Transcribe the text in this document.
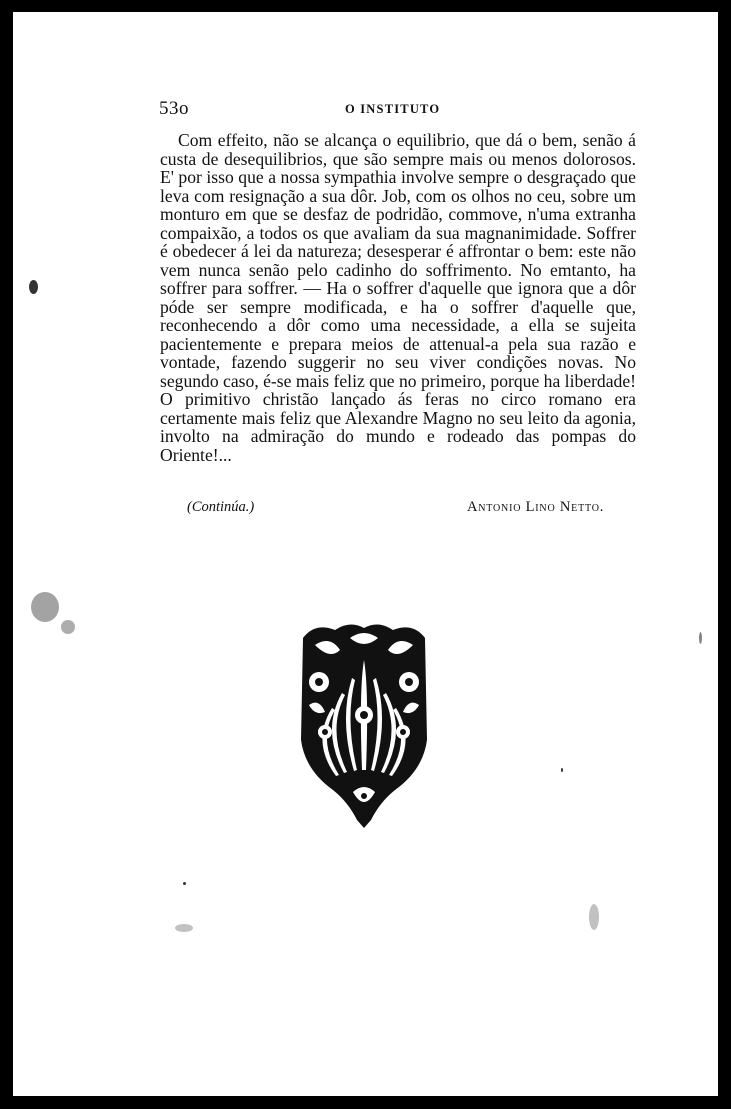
53o	O INSTITUTO

Com effeito, não se alcança o equilibrio, que dá o bem, senão á custa de desequilibrios, que são sempre mais ou menos dolorosos. E' por isso que a nossa sympathia involve sempre o desgraçado que leva com resignação a sua dôr. Job, com os olhos no ceu, sobre um monturo em que se desfaz de podridão, commove, n'uma extranha compaixão, a todos os que avaliam da sua magnanimidade. Soffrer é obedecer á lei da natureza; desesperar é affrontar o bem: este não vem nunca senão pelo cadinho do soffrimento. No emtanto, ha soffrer para soffrer. — Ha o soffrer d'aquelle que ignora que a dôr póde ser sempre modificada, e ha o soffrer d'aquelle que, reconhecendo a dôr como uma necessidade, a ella se sujeita pacientemente e prepara meios de attenual-a pela sua razão e vontade, fazendo suggerir no seu viver condições novas. No segundo caso, é-se mais feliz que no primeiro, porque ha liberdade! O primitivo christão lançado ás feras no circo romano era certamente mais feliz que Alexandre Magno no seu leito da agonia, involto na admiração do mundo e rodeado das pompas do Oriente!...

(Continúa.)	Antonio Lino Netto.
